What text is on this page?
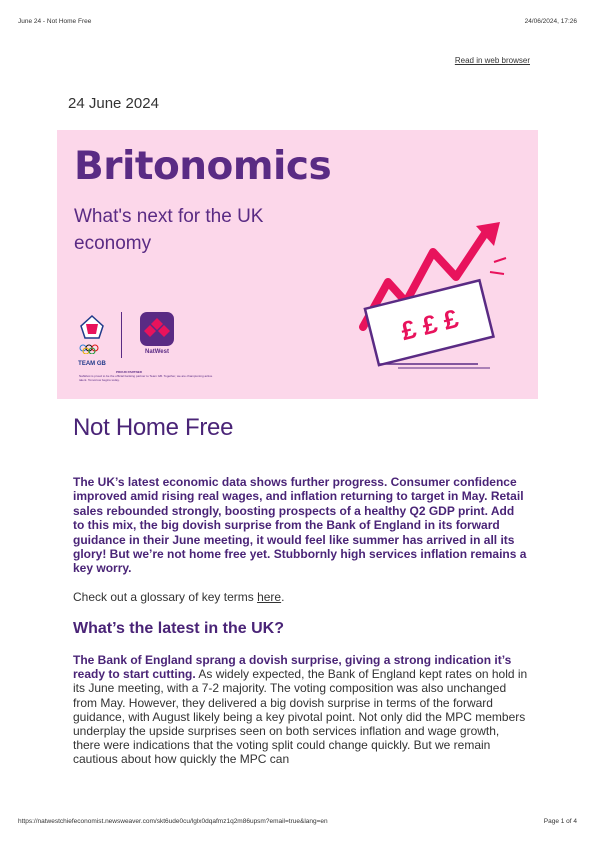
June 24 - Not Home Free	24/06/2024, 17:26
Read in web browser
24 June 2024
Britonomics
What's next for the UK economy
£ £ £
TEAM GB
NatWest
PROUD PARTNER
NatWest is proud to be the official banking partner to Team GB. Together, we are championing active talent. Tomorrow begins today.
Not Home Free

The UK’s latest economic data shows further progress. Consumer confidence improved amid rising real wages, and inflation returning to target in May. Retail sales rebounded strongly, boosting prospects of a healthy Q2 GDP print. Add to this mix, the big dovish surprise from the Bank of England in its forward guidance in their June meeting, it would feel like summer has arrived in all its glory! But we’re not home free yet. Stubbornly high services inflation remains a key worry.

Check out a glossary of key terms here.

What’s the latest in the UK?

The Bank of England sprang a dovish surprise, giving a strong indication it’s ready to start cutting. As widely expected, the Bank of England kept rates on hold in its June meeting, with a 7-2 majority. The voting composition was also unchanged from May. However, they delivered a big dovish surprise in terms of the forward guidance, with August likely being a key pivotal point. Not only did the MPC members underplay the upside surprises seen on both services inflation and wage growth, there were indications that the voting split could change quickly. But we remain cautious about how quickly the MPC can

https://natwestchiefeconomist.newsweaver.com/skt6ude0cu/lglx0dqafmz1q2m86upsm?email=true&lang=en	Page 1 of 4
